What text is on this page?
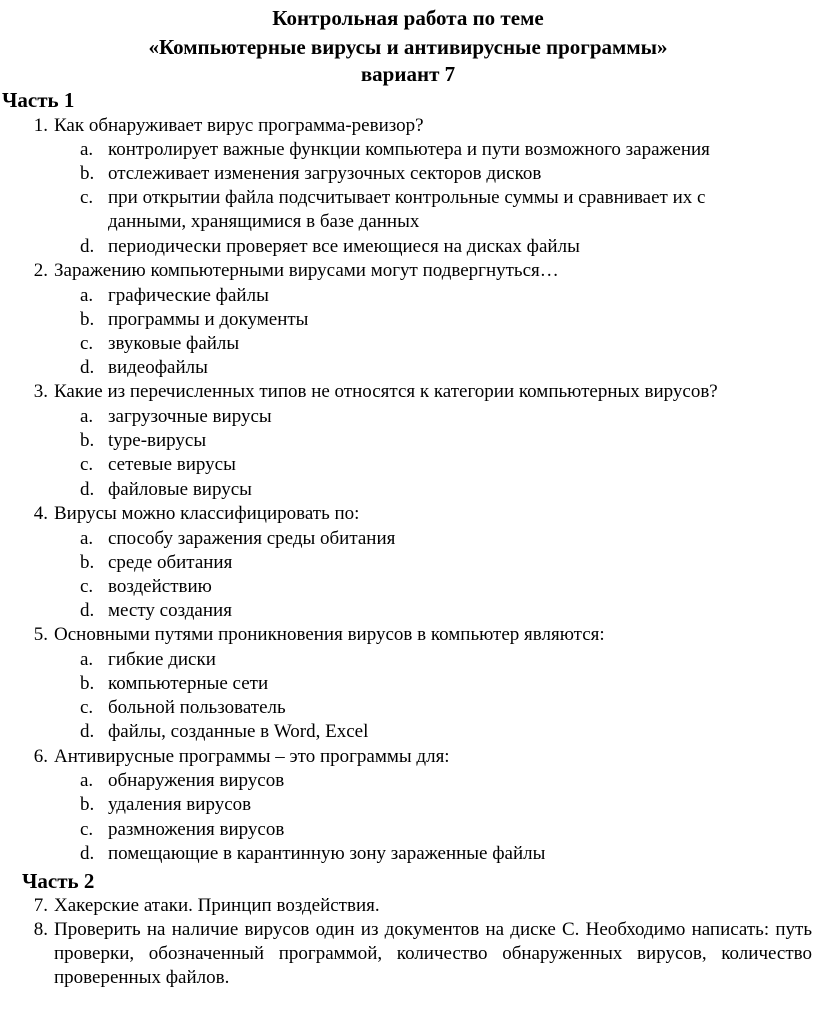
Контрольная работа по теме
«Компьютерные вирусы и антивирусные программы»
вариант 7
Часть 1
1. Как обнаруживает вирус программа-ревизор?
a. контролирует важные функции компьютера и пути возможного заражения
b. отслеживает изменения загрузочных секторов дисков
c. при открытии файла подсчитывает контрольные суммы и сравнивает их с данными, хранящимися в базе данных
d. периодически проверяет все имеющиеся на дисках файлы
2. Заражению компьютерными вирусами могут подвергнуться…
a. графические файлы
b. программы и документы
c. звуковые файлы
d. видеофайлы
3. Какие из перечисленных типов не относятся к категории компьютерных вирусов?
a. загрузочные вирусы
b. type-вирусы
c. сетевые вирусы
d. файловые вирусы
4. Вирусы можно классифицировать по:
a. способу заражения среды обитания
b. среде обитания
c. воздействию
d. месту создания
5. Основными путями проникновения вирусов в компьютер являются:
a. гибкие диски
b. компьютерные сети
c. больной пользователь
d. файлы, созданные в Word, Excel
6. Антивирусные программы – это программы для:
a. обнаружения вирусов
b. удаления вирусов
c. размножения вирусов
d. помещающие в карантинную зону зараженные файлы
Часть 2
7. Хакерские атаки. Принцип воздействия.
8. Проверить на наличие вирусов один из документов на диске С. Необходимо написать: путь проверки, обозначенный программой, количество обнаруженных вирусов, количество проверенных файлов.
